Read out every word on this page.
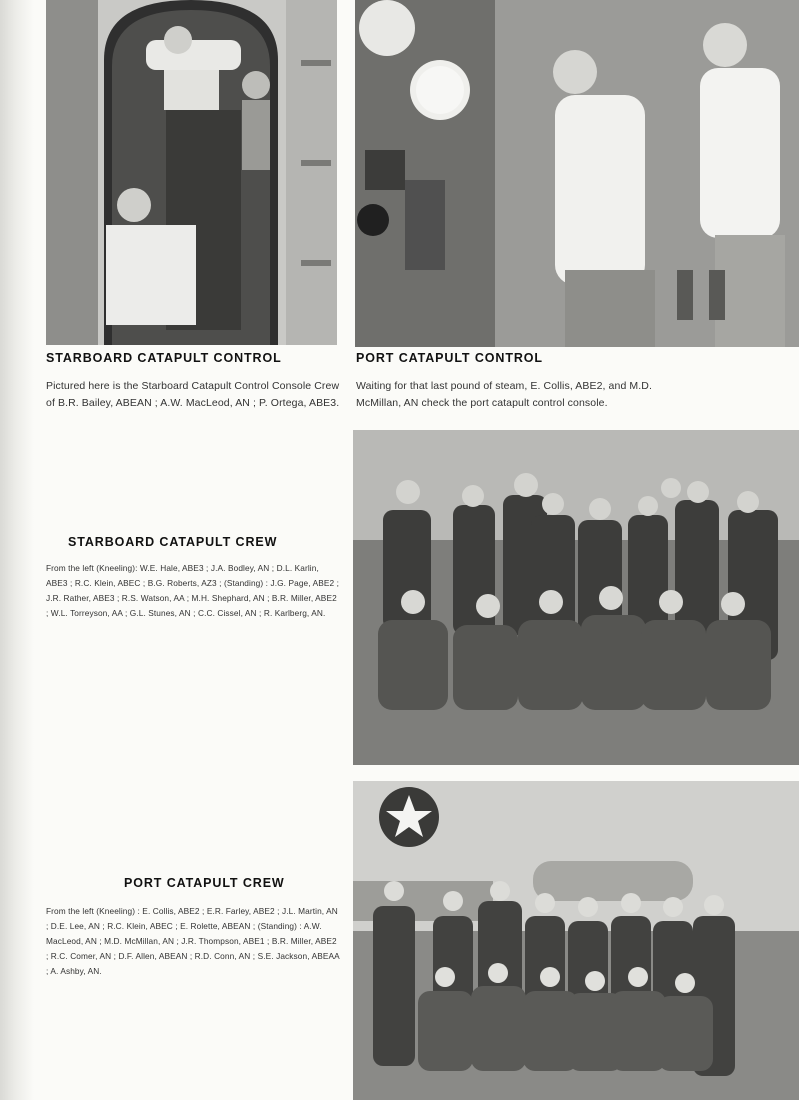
STARBOARD CATAPULT CONTROL	PORT CATAPULT CONTROL

Pictured here is the Starboard Catapult Control Console Crew of B.R. Bailey, ABEAN ; A.W. MacLeod, AN ; P. Ortega, ABE3.

Waiting for that last pound of steam, E. Collis, ABE2, and M.D. McMillan, AN check the port catapult control console.

STARBOARD CATAPULT CREW

From the left (Kneeling): W.E. Hale, ABE3 ; J.A. Bodley, AN ; D.L. Karlin, ABE3 ; R.C. Klein, ABEC ; B.G. Roberts, AZ3 ; (Standing) : J.G. Page, ABE2 ; J.R. Rather, ABE3 ; R.S. Watson, AA ; M.H. Shephard, AN ; B.R. Miller, ABE2 ; W.L. Torreyson, AA ; G.L. Stunes, AN ; C.C. Cissel, AN ; R. Karlberg, AN.

PORT CATAPULT CREW

From the left (Kneeling) : E. Collis, ABE2 ; E.R. Farley, ABE2 ; J.L. Martin, AN ; D.E. Lee, AN ; R.C. Klein, ABEC ; E. Rolette, ABEAN ; (Standing) : A.W. MacLeod, AN ; M.D. McMillan, AN ; J.R. Thompson, ABE1 ; B.R. Miller, ABE2 ; R.C. Comer, AN ; D.F. Allen, ABEAN ; R.D. Conn, AN ; S.E. Jackson, ABEAA ; A. Ashby, AN.
